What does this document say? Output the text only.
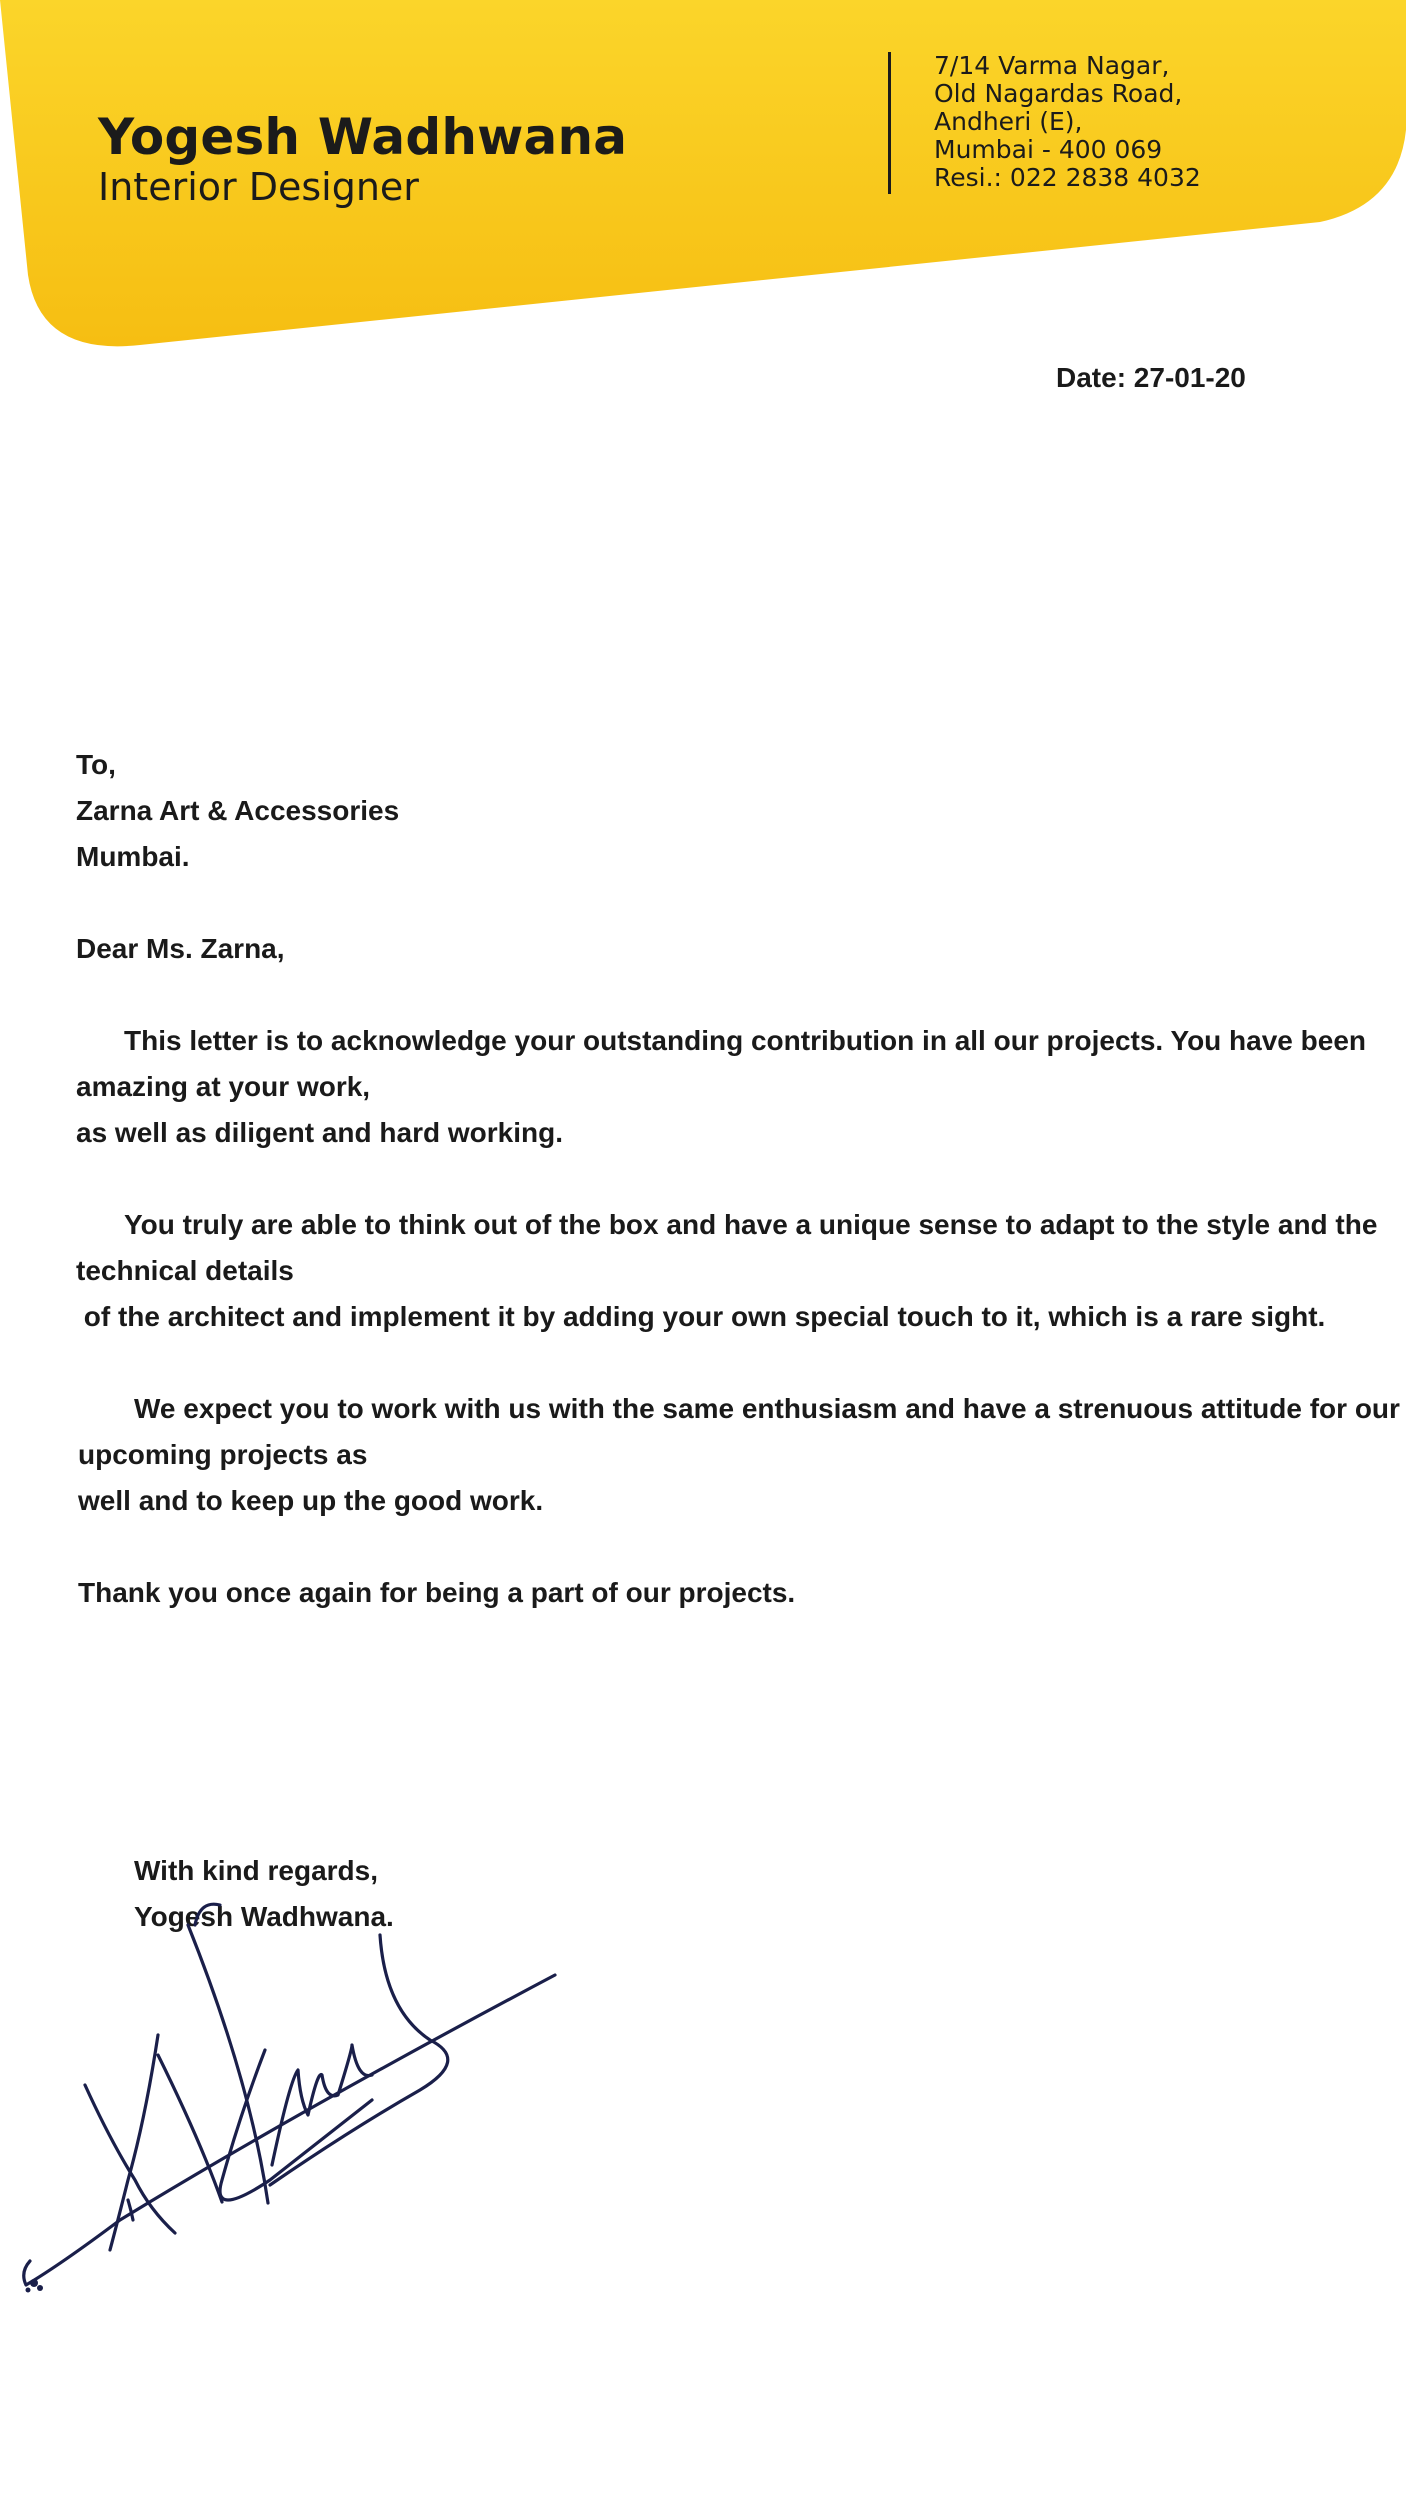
Yogesh Wadhwana
Interior Designer
7/14 Varma Nagar,
Old Nagardas Road,
Andheri (E),
Mumbai - 400 069
Resi.: 022 2838 4032
Date: 27-01-20
To,
Zarna Art & Accessories
Mumbai.
Dear Ms. Zarna,
This letter is to acknowledge your outstanding contribution in all our projects. You have been
amazing at your work,
as well as diligent and hard working.
You truly are able to think out of the box and have a unique sense to adapt to the style and the
technical details
of the architect and implement it by adding your own special touch to it, which is a rare sight.
We expect you to work with us with the same enthusiasm and have a strenuous attitude for our
upcoming projects as
well and to keep up the good work.
Thank you once again for being a part of our projects.
With kind regards,
Yogesh Wadhwana.
